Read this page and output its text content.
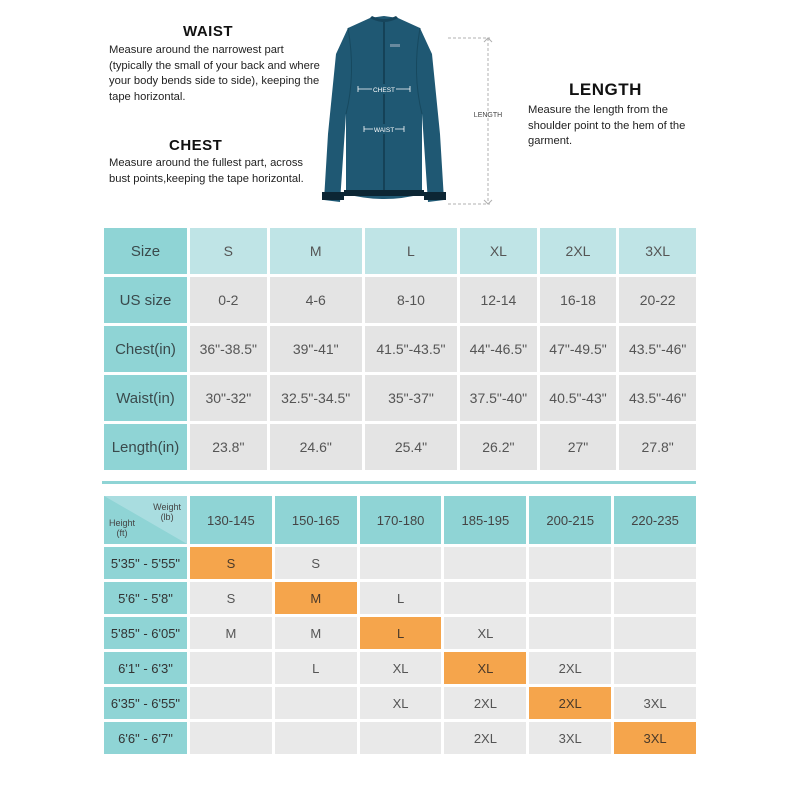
WAIST
Measure around the narrowest part (typically the small of your back and where your body bends side to side), keeping the tape horizontal.
CHEST
Measure around the fullest part, across bust points,keeping the tape horizontal.
LENGTH
Measure the length from the shoulder point to the hem of the garment.
CHEST
WAIST
LENGTH
Size	S	M	L	XL	2XL	3XL
US size	0-2	4-6	8-10	12-14	16-18	20-22
Chest(in)	36"-38.5"	39"-41"	41.5"-43.5"	44"-46.5"	47"-49.5"	43.5"-46"
Waist(in)	30"-32"	32.5"-34.5"	35"-37"	37.5"-40"	40.5"-43"	43.5"-46"
Length(in)	23.8"	24.6"	25.4"	26.2"	27"	27.8"
Weight
(lb)
Height
(ft)	130-145	150-165	170-180	185-195	200-215	220-235
5'35" - 5'55"	S	S				
5'6" - 5'8"	S	M	L			
5'85" - 6'05"	M	M	L	XL		
6'1" - 6'3"		L	XL	XL	2XL	
6'35" - 6'55"			XL	2XL	2XL	3XL
6'6" - 6'7"				2XL	3XL	3XL
